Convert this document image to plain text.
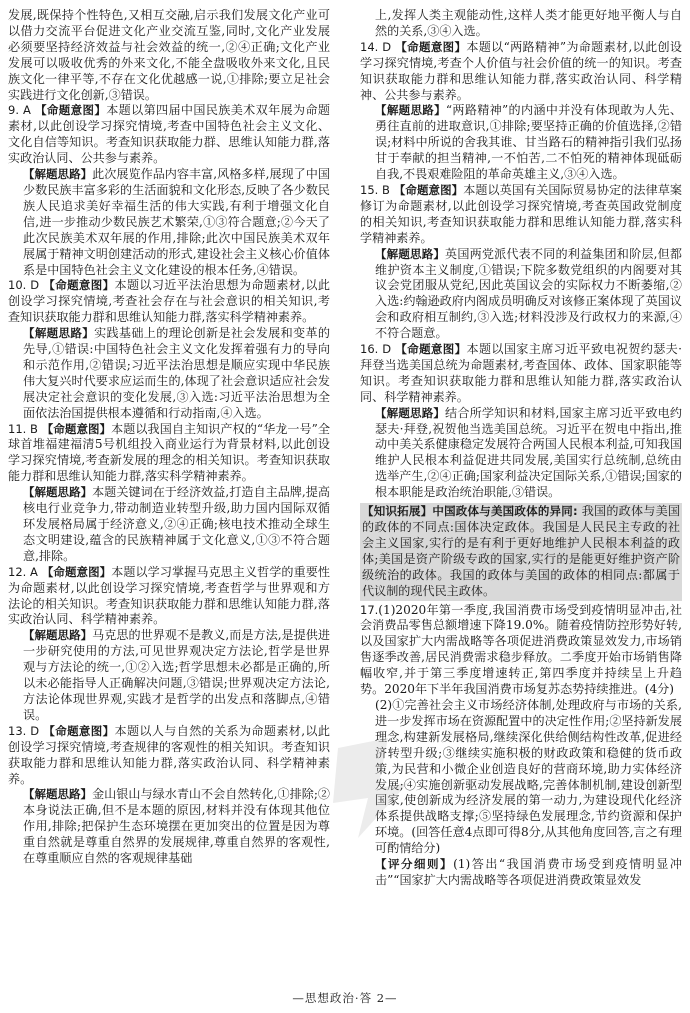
发展,既保持个性特色,又相互交融,启示我们发展文化产业可以借力交流平台促进文化产业交流互鉴,同时,文化产业发展必须要坚持经济效益与社会效益的统一,②④正确;文化产业发展可以吸收优秀的外来文化,不能全盘吸收外来文化,且民族文化一律平等,不存在文化优越感一说,①排除;要立足社会实践进行文化创新,③错误。

9. A 【命题意图】本题以第四届中国民族美术双年展为命题素材,以此创设学习探究情境,考查中国特色社会主义文化、文化自信等知识。考查知识获取能力群、思维认知能力群,落实政治认同、公共参与素养。

【解题思路】此次展览作品内容丰富,风格多样,展现了中国少数民族丰富多彩的生活面貌和文化形态,反映了各少数民族人民追求美好幸福生活的伟大实践,有利于增强文化自信,进一步推动少数民族艺术繁荣,①③符合题意;②今天了此次民族美术双年展的作用,排除;此次中国民族美术双年展属于精神文明创建活动的形式,建设社会主义核心价值体系是中国特色社会主义文化建设的根本任务,④错误。

10. D 【命题意图】本题以习近平法治思想为命题素材,以此创设学习探究情境,考查社会存在与社会意识的相关知识,考查知识获取能力群和思维认知能力群,落实科学精神素养。

【解题思路】实践基础上的理论创新是社会发展和变革的先导,①错误:中国特色社会主义文化发挥着强有力的导向和示范作用,②错误;习近平法治思想是顺应实现中华民族伟大复兴时代要求应运而生的,体现了社会意识适应社会发展决定社会意识的变化发展,③入选:习近平法治思想为全面依法治国提供根本遵循和行动指南,④入选。

11. B 【命题意图】本题以我国自主知识产权的“华龙一号”全球首堆福建福清5号机组投入商业运行为背景材料,以此创设学习探究情境,考查新发展的理念的相关知识。考查知识获取能力群和思维认知能力群,落实科学精神素养。

【解题思路】本题关键词在于经济效益,打造自主品牌,提高核电行业竞争力,带动制造业转型升级,助力国内国际双循环发展格局属于经济意义,②④正确;核电技术推动全球生态文明建设,蕴含的民族精神属于文化意义,①③不符合题意,排除。

12. A 【命题意图】本题以学习掌握马克思主义哲学的重要性为命题素材,以此创设学习探究情境,考查哲学与世界观和方法论的相关知识。考查知识获取能力群和思维认知能力群,落实政治认同、科学精神素养。

【解题思路】马克思的世界观不是教义,而是方法,是提供进一步研究使用的方法,可见世界观决定方法论,哲学是世界观与方法论的统一,①②入选;哲学思想未必都是正确的,所以未必能指导人正确解决问题,③错误;世界观决定方法论,方法论体现世界观,实践才是哲学的出发点和落脚点,④错误。

13. D 【命题意图】本题以人与自然的关系为命题素材,以此创设学习探究情境,考查规律的客观性的相关知识。考查知识获取能力群和思维认知能力群,落实政治认同、科学精神素养。

【解题思路】金山银山与绿水青山不会自然转化,①排除;②本身说法正确,但不是本题的原因,材料并没有体现其他位作用,排除;把保护生态环境摆在更加突出的位置是因为尊重自然就是尊重自然界的发展规律,尊重自然界的客观性,在尊重顺应自然的客观规律基础

上,发挥人类主观能动性,这样人类才能更好地平衡人与自然的关系,③④入选。

14. D 【命题意图】本题以“两路精神”为命题素材,以此创设学习探究情境,考查个人价值与社会价值的统一的知识。考查知识获取能力群和思维认知能力群,落实政治认同、科学精神、公共参与素养。

【解题思路】“两路精神”的内涵中并没有体现敢为人先、勇往直前的进取意识,①排除;要坚持正确的价值选择,②错误;材料中所说的舍我其谁、甘当路石的精神指引我们弘扬甘于奉献的担当精神,一不怕苦,二不怕死的精神体现砥砺自我,不畏艰难险阻的革命英雄主义,③④入选。

15. B 【命题意图】本题以英国有关国际贸易协定的法律草案修订为命题素材,以此创设学习探究情境,考查英国政党制度的相关知识,考查知识获取能力群和思维认知能力群,落实科学精神素养。

【解题思路】英国两党派代表不同的利益集团和阶层,但都维护资本主义制度,①错误;下院多数党组织的内阁要对其议会党团服从党纪,因此英国议会的实际权力不断萎缩,②入选:约翰逊政府内阁成员明确反对该修正案体现了英国议会和政府相互制约,③入选;材料没涉及行政权力的来源,④不符合题意。

16. D 【命题意图】本题以国家主席习近平致电祝贺约瑟夫·拜登当选美国总统为命题素材,考查国体、政体、国家职能等知识。考查知识获取能力群和思维认知能力群,落实政治认同、科学精神素养。

【解题思路】结合所学知识和材料,国家主席习近平致电约瑟夫·拜登,祝贺他当选美国总统。习近平在贺电中指出,推动中美关系健康稳定发展符合两国人民根本利益,可知我国维护人民根本利益促进共同发展,美国实行总统制,总统由选举产生,②④正确;国家利益决定国际关系,①错误;国家的根本职能是政治统治职能,③错误。

【知识拓展】中国政体与美国政体的异同: 我国的政体与美国的政体的不同点:国体决定政体。我国是人民民主专政的社会主义国家,实行的是有利于更好地维护人民根本利益的政体;美国是资产阶级专政的国家,实行的是能更好维护资产阶级统治的政体。我国的政体与美国的政体的相同点:都属于代议制的现代民主政体。

17.(1)2020年第一季度,我国消费市场受到疫情明显冲击,社会消费品零售总额增速下降19.0%。随着疫情防控形势好转,以及国家扩大内需战略等各项促进消费政策显效发力,市场销售逐季改善,居民消费需求稳步释放。二季度开始市场销售降幅收窄,并于第三季度增速转正,第四季度并持续呈上升趋势。2020年下半年我国消费市场复苏态势持续推进。(4分)

(2)①完善社会主义市场经济体制,处理政府与市场的关系,进一步发挥市场在资源配置中的决定性作用;②坚持新发展理念,构建新发展格局,继续深化供给侧结构性改革,促进经济转型升级;③继续实施积极的财政政策和稳健的货币政策,为民营和小微企业创造良好的营商环境,助力实体经济发展;④实施创新驱动发展战略,完善体制机制,建设创新型国家,使创新成为经济发展的第一动力,为建设现代化经济体系提供战略支撑;⑤坚持绿色发展理念,节约资源和保护环境。(回答任意4点即可得8分,从其他角度回答,言之有理可酌情给分)

【评分细则】(1)答出“我国消费市场受到疫情明显冲击”“国家扩大内需战略等各项促进消费政策显效发

—思想政治·答 2—
